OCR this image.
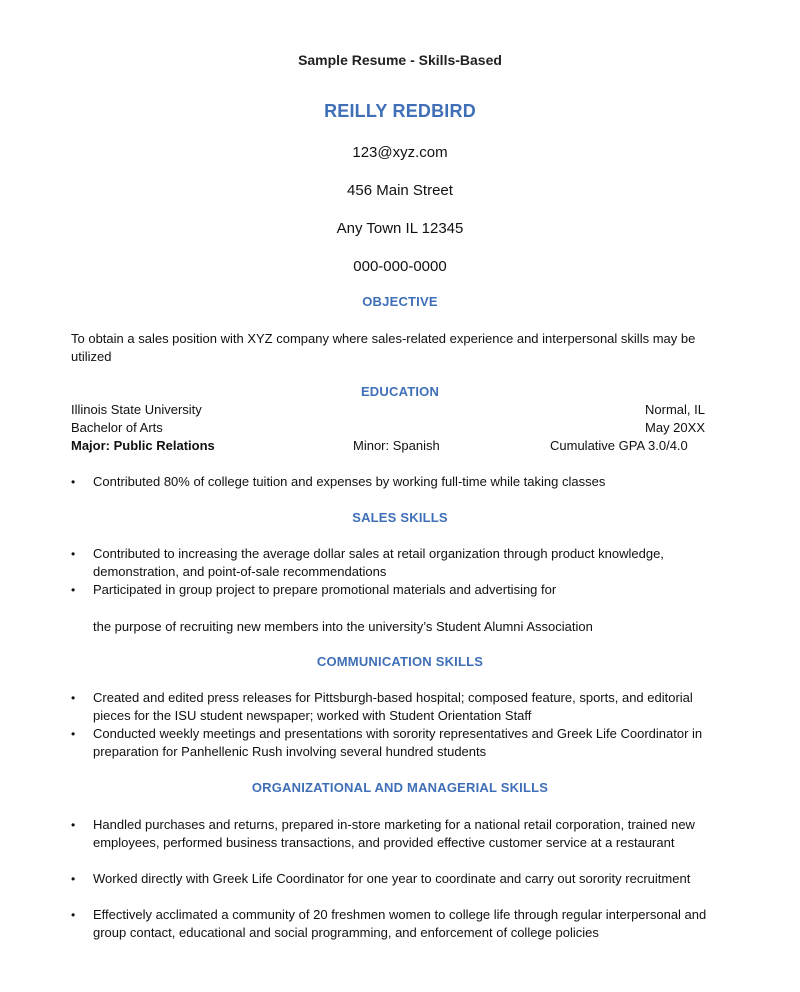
Sample Resume - Skills-Based
REILLY REDBIRD
123@xyz.com
456 Main Street
Any Town IL 12345
000-000-0000
OBJECTIVE
To obtain a sales position with XYZ company where sales-related experience and interpersonal skills may be utilized
EDUCATION
Illinois State University	Normal, IL
Bachelor of Arts	May 20XX
Major: Public Relations	Minor: Spanish	Cumulative GPA 3.0/4.0
•	Contributed 80% of college tuition and expenses by working full-time while taking classes
SALES SKILLS
•	Contributed to increasing the average dollar sales at retail organization through product knowledge, demonstration, and point-of-sale recommendations
•	Participated in group project to prepare promotional materials and advertising for
the purpose of recruiting new members into the university’s Student Alumni Association
COMMUNICATION SKILLS
•	Created and edited press releases for Pittsburgh-based hospital; composed feature, sports, and editorial pieces for the ISU student newspaper; worked with Student Orientation Staff
•	Conducted weekly meetings and presentations with sorority representatives and Greek Life Coordinator in preparation for Panhellenic Rush involving several hundred students
ORGANIZATIONAL AND MANAGERIAL SKILLS
•	Handled purchases and returns, prepared in-store marketing for a national retail corporation, trained new employees, performed business transactions, and provided effective customer service at a restaurant
•	Worked directly with Greek Life Coordinator for one year to coordinate and carry out sorority recruitment
•	Effectively acclimated a community of 20 freshmen women to college life through regular interpersonal and group contact, educational and social programming, and enforcement of college policies
